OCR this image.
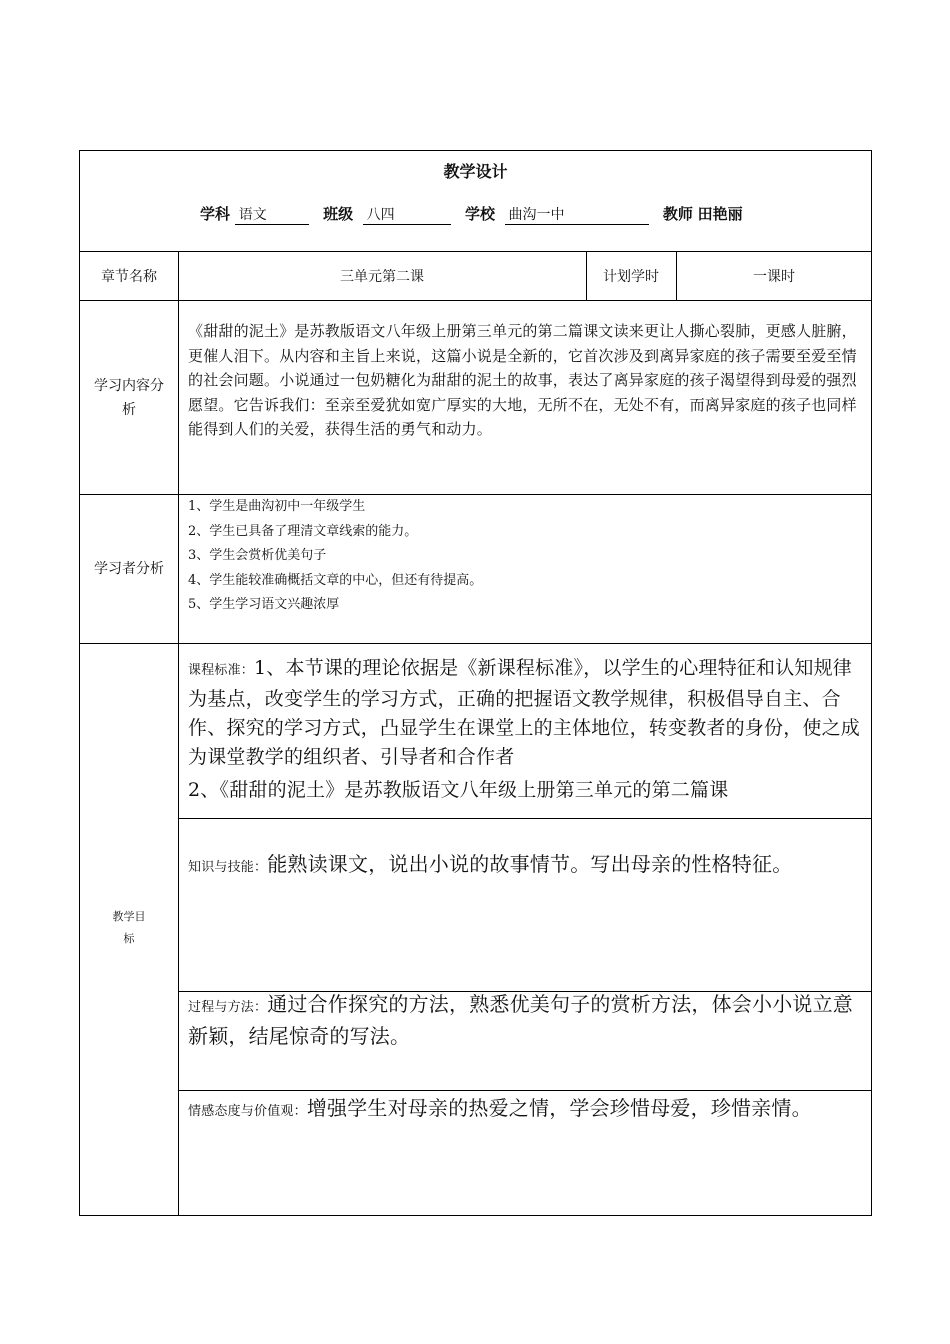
教学设计
学科 语文	班级 八四	学校 曲沟一中	教师 田艳丽
章节名称	三单元第二课	计划学时	一课时
学习内容分析

《甜甜的泥土》是苏教版语文八年级上册第三单元的第二篇课文读来更让人撕心裂肺，更感人脏腑，更催人泪下。从内容和主旨上来说，这篇小说是全新的，它首次涉及到离异家庭的孩子需要至爱至情的社会问题。小说通过一包奶糖化为甜甜的泥土的故事，表达了离异家庭的孩子渴望得到母爱的强烈愿望。它告诉我们：至亲至爱犹如宽广厚实的大地，无所不在，无处不有，而离异家庭的孩子也同样能得到人们的关爱，获得生活的勇气和动力。

学习者分析
1、学生是曲沟初中一年级学生
2、学生已具备了理清文章线索的能力。
3、学生会赏析优美句子
4、学生能较准确概括文章的中心，但还有待提高。
5、学生学习语文兴趣浓厚
教学目标

课程标准：1、本节课的理论依据是《新课程标准》，以学生的心理特征和认知规律为基点，改变学生的学习方式，正确的把握语文教学规律，积极倡导自主、合作、探究的学习方式，凸显学生在课堂上的主体地位，转变教者的身份，使之成为课堂教学的组织者、引导者和合作者

2、《甜甜的泥土》是苏教版语文八年级上册第三单元的第二篇课

知识与技能：能熟读课文，说出小说的故事情节。写出母亲的性格特征。

过程与方法：通过合作探究的方法，熟悉优美句子的赏析方法，体会小小说立意新颖，结尾惊奇的写法。

情感态度与价值观：增强学生对母亲的热爱之情，学会珍惜母爱，珍惜亲情。
